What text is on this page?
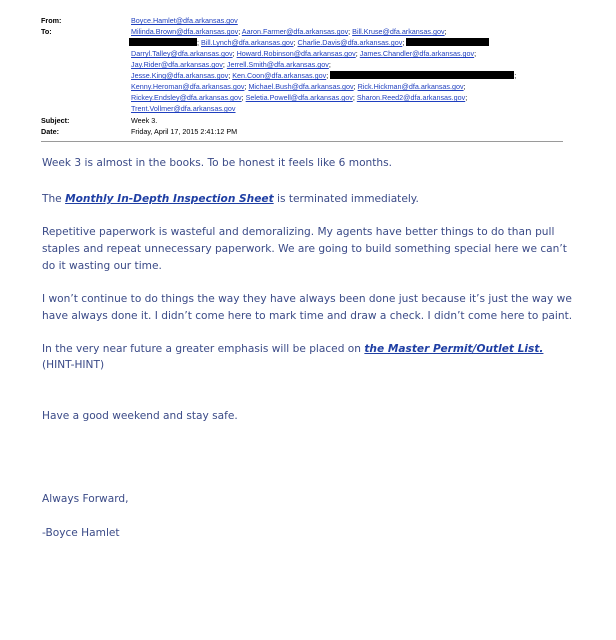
From:	Boyce.Hamlet@dfa.arkansas.gov
To:	Milinda.Brown@dfa.arkansas.gov; Aaron.Farmer@dfa.arkansas.gov; Bill.Kruse@dfa.arkansas.gov;
; Bill.Lynch@dfa.arkansas.gov; Charlie.Davis@dfa.arkansas.gov;
Darryl.Talley@dfa.arkansas.gov; Howard.Robinson@dfa.arkansas.gov; James.Chandler@dfa.arkansas.gov;
Jay.Rider@dfa.arkansas.gov; Jerrell.Smith@dfa.arkansas.gov;
Jesse.King@dfa.arkansas.gov; Ken.Coon@dfa.arkansas.gov;	;
Kenny.Heroman@dfa.arkansas.gov; Michael.Bush@dfa.arkansas.gov; Rick.Hickman@dfa.arkansas.gov;
Rickey.Endsley@dfa.arkansas.gov; Seletia.Powell@dfa.arkansas.gov; Sharon.Reed2@dfa.arkansas.gov;
Trent.Vollmer@dfa.arkansas.gov
Subject:	Week 3.
Date:	Friday, April 17, 2015 2:41:12 PM
Week 3 is almost in the books. To be honest it feels like 6 months.
The Monthly In-Depth Inspection Sheet is terminated immediately.
Repetitive paperwork is wasteful and demoralizing. My agents have better things to do than pull
staples and repeat unnecessary paperwork. We are going to build something special here we can’t
do it wasting our time.
I won’t continue to do things the way they have always been done just because it’s just the way we
have always done it. I didn’t come here to mark time and draw a check. I didn’t come here to paint.
In the very near future a greater emphasis will be placed on the Master Permit/Outlet List.
(HINT-HINT)
Have a good weekend and stay safe.
Always Forward,
-Boyce Hamlet
